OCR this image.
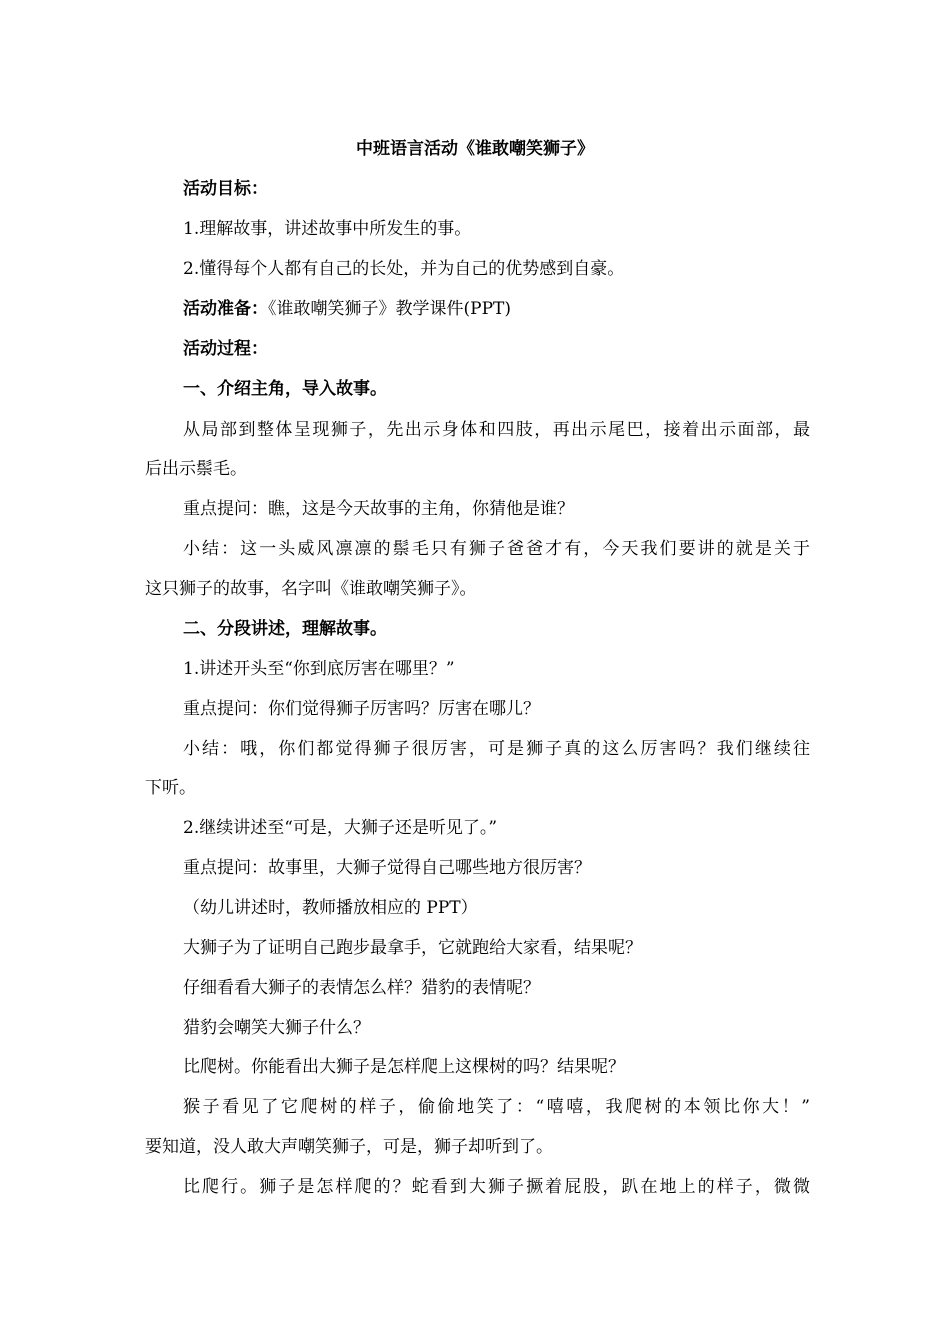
中班语言活动《谁敢嘲笑狮子》
活动目标：
1.理解故事，讲述故事中所发生的事。
2.懂得每个人都有自己的长处，并为自己的优势感到自豪。
活动准备：《谁敢嘲笑狮子》教学课件(PPT)
活动过程：
一、介绍主角，导入故事。
从局部到整体呈现狮子，先出示身体和四肢，再出示尾巴，接着出示面部，最
后出示鬃毛。
重点提问：瞧，这是今天故事的主角，你猜他是谁？
小结：这一头威风凛凛的鬃毛只有狮子爸爸才有，今天我们要讲的就是关于
这只狮子的故事，名字叫《谁敢嘲笑狮子》。
二、分段讲述，理解故事。
1.讲述开头至“你到底厉害在哪里？”
重点提问：你们觉得狮子厉害吗？厉害在哪儿？
小结：哦，你们都觉得狮子很厉害，可是狮子真的这么厉害吗？我们继续往
下听。
2.继续讲述至“可是，大狮子还是听见了。”
重点提问：故事里，大狮子觉得自己哪些地方很厉害？
（幼儿讲述时，教师播放相应的 PPT）
大狮子为了证明自己跑步最拿手，它就跑给大家看，结果呢？
仔细看看大狮子的表情怎么样？猎豹的表情呢？
猎豹会嘲笑大狮子什么？
比爬树。你能看出大狮子是怎样爬上这棵树的吗？结果呢？
猴子看见了它爬树的样子，偷偷地笑了：“嘻嘻，我爬树的本领比你大！”
要知道，没人敢大声嘲笑狮子，可是，狮子却听到了。
比爬行。狮子是怎样爬的？蛇看到大狮子撅着屁股，趴在地上的样子，微微
